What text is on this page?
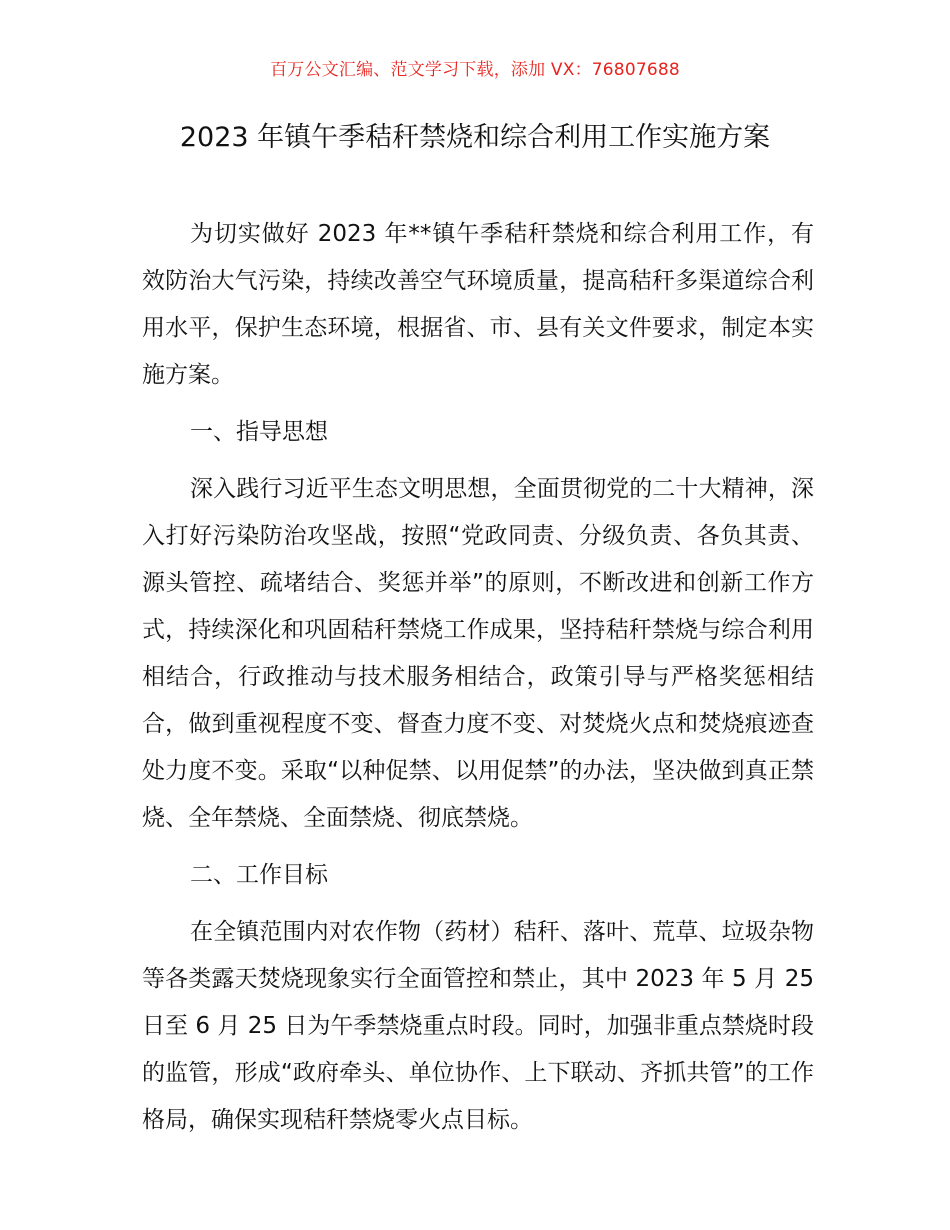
百万公文汇编、范文学习下载，添加 VX：76807688
2023 年镇午季秸秆禁烧和综合利用工作实施方案

为切实做好 2023 年**镇午季秸秆禁烧和综合利用工作，有效防治大气污染，持续改善空气环境质量，提高秸秆多渠道综合利用水平，保护生态环境，根据省、市、县有关文件要求，制定本实施方案。

一、指导思想

深入践行习近平生态文明思想，全面贯彻党的二十大精神，深入打好污染防治攻坚战，按照“党政同责、分级负责、各负其责、源头管控、疏堵结合、奖惩并举”的原则，不断改进和创新工作方式，持续深化和巩固秸秆禁烧工作成果，坚持秸秆禁烧与综合利用相结合，行政推动与技术服务相结合，政策引导与严格奖惩相结合，做到重视程度不变、督查力度不变、对焚烧火点和焚烧痕迹查处力度不变。采取“以种促禁、以用促禁”的办法，坚决做到真正禁烧、全年禁烧、全面禁烧、彻底禁烧。

二、工作目标

在全镇范围内对农作物（药材）秸秆、落叶、荒草、垃圾杂物等各类露天焚烧现象实行全面管控和禁止，其中 2023 年 5 月 25 日至 6 月 25 日为午季禁烧重点时段。同时，加强非重点禁烧时段的监管，形成“政府牵头、单位协作、上下联动、齐抓共管”的工作格局，确保实现秸秆禁烧零火点目标。
